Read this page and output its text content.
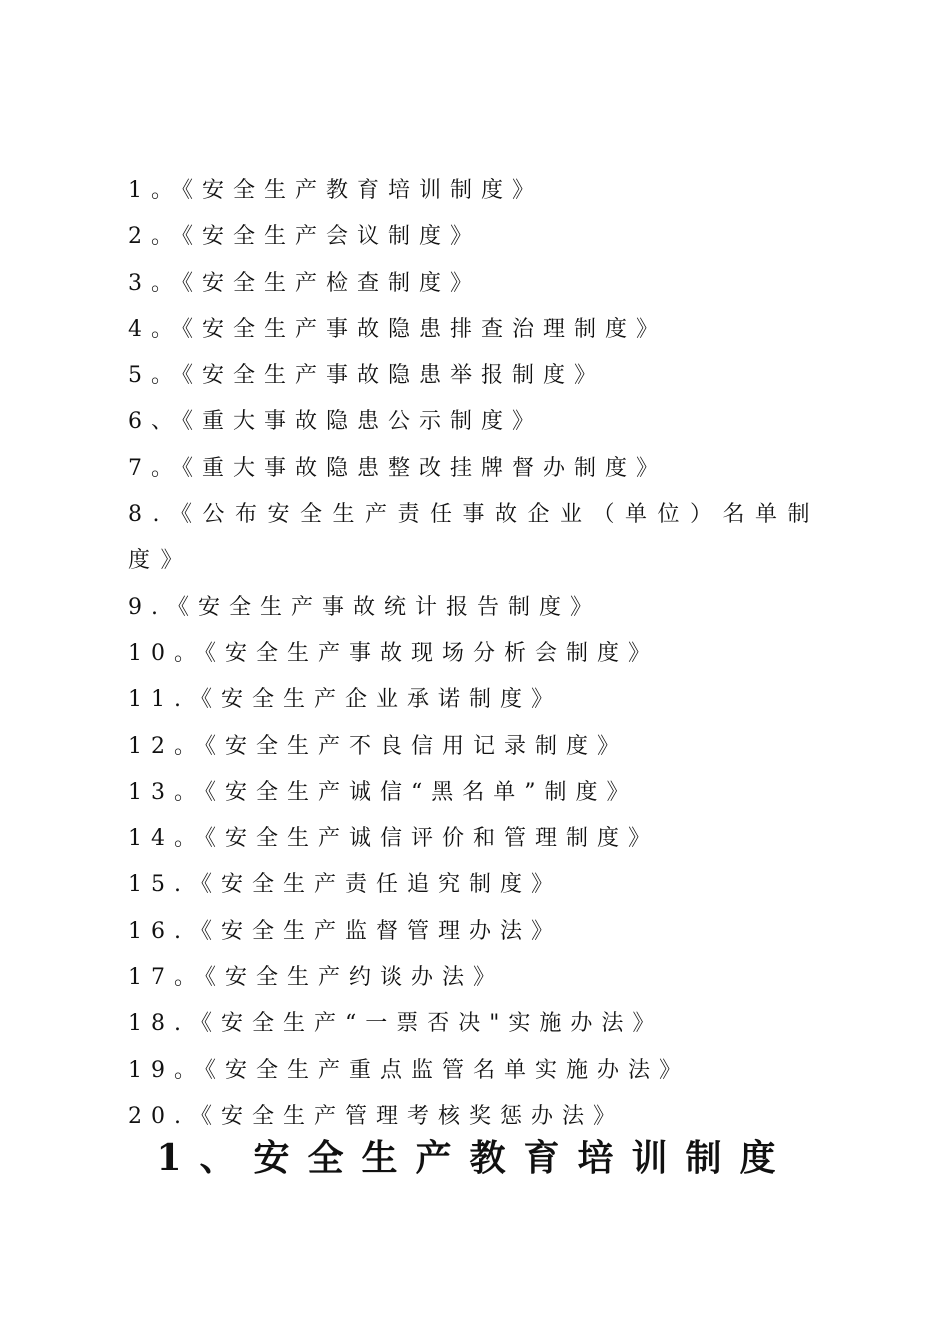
1。《安全生产教育培训制度》
2。《安全生产会议制度》
3。《安全生产检查制度》
4。《安全生产事故隐患排查治理制度》
5。《安全生产事故隐患举报制度》
6、《重大事故隐患公示制度》
7。《重大事故隐患整改挂牌督办制度》
8.《公布安全生产责任事故企业（单位）名单制度》
9.《安全生产事故统计报告制度》
10。《安全生产事故现场分析会制度》
11.《安全生产企业承诺制度》
12。《安全生产不良信用记录制度》
13。《安全生产诚信“黑名单”制度》
14。《安全生产诚信评价和管理制度》
15.《安全生产责任追究制度》
16.《安全生产监督管理办法》
17。《安全生产约谈办法》
18.《安全生产“一票否决"实施办法》
19。《安全生产重点监管名单实施办法》
20.《安全生产管理考核奖惩办法》
1、安全生产教育培训制度
